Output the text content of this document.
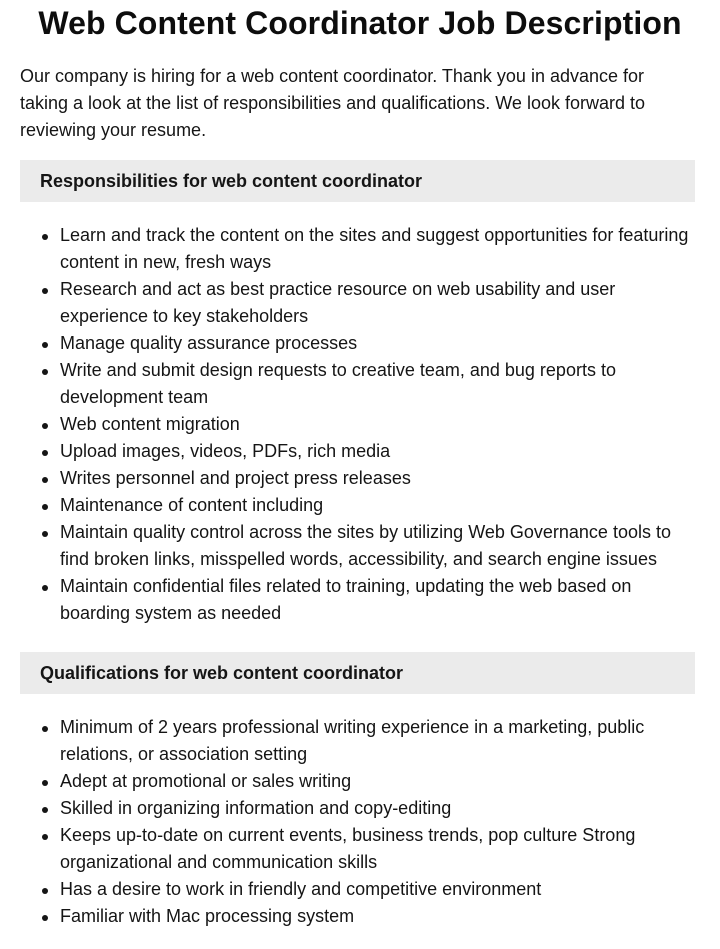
Web Content Coordinator Job Description

Our company is hiring for a web content coordinator. Thank you in advance for taking a look at the list of responsibilities and qualifications. We look forward to reviewing your resume.

Responsibilities for web content coordinator
Learn and track the content on the sites and suggest opportunities for featuring content in new, fresh ways
Research and act as best practice resource on web usability and user experience to key stakeholders
Manage quality assurance processes
Write and submit design requests to creative team, and bug reports to development team
Web content migration
Upload images, videos, PDFs, rich media
Writes personnel and project press releases
Maintenance of content including
Maintain quality control across the sites by utilizing Web Governance tools to find broken links, misspelled words, accessibility, and search engine issues
Maintain confidential files related to training, updating the web based on boarding system as needed
Qualifications for web content coordinator
Minimum of 2 years professional writing experience in a marketing, public relations, or association setting
Adept at promotional or sales writing
Skilled in organizing information and copy-editing
Keeps up-to-date on current events, business trends, pop culture Strong organizational and communication skills
Has a desire to work in friendly and competitive environment
Familiar with Mac processing system
